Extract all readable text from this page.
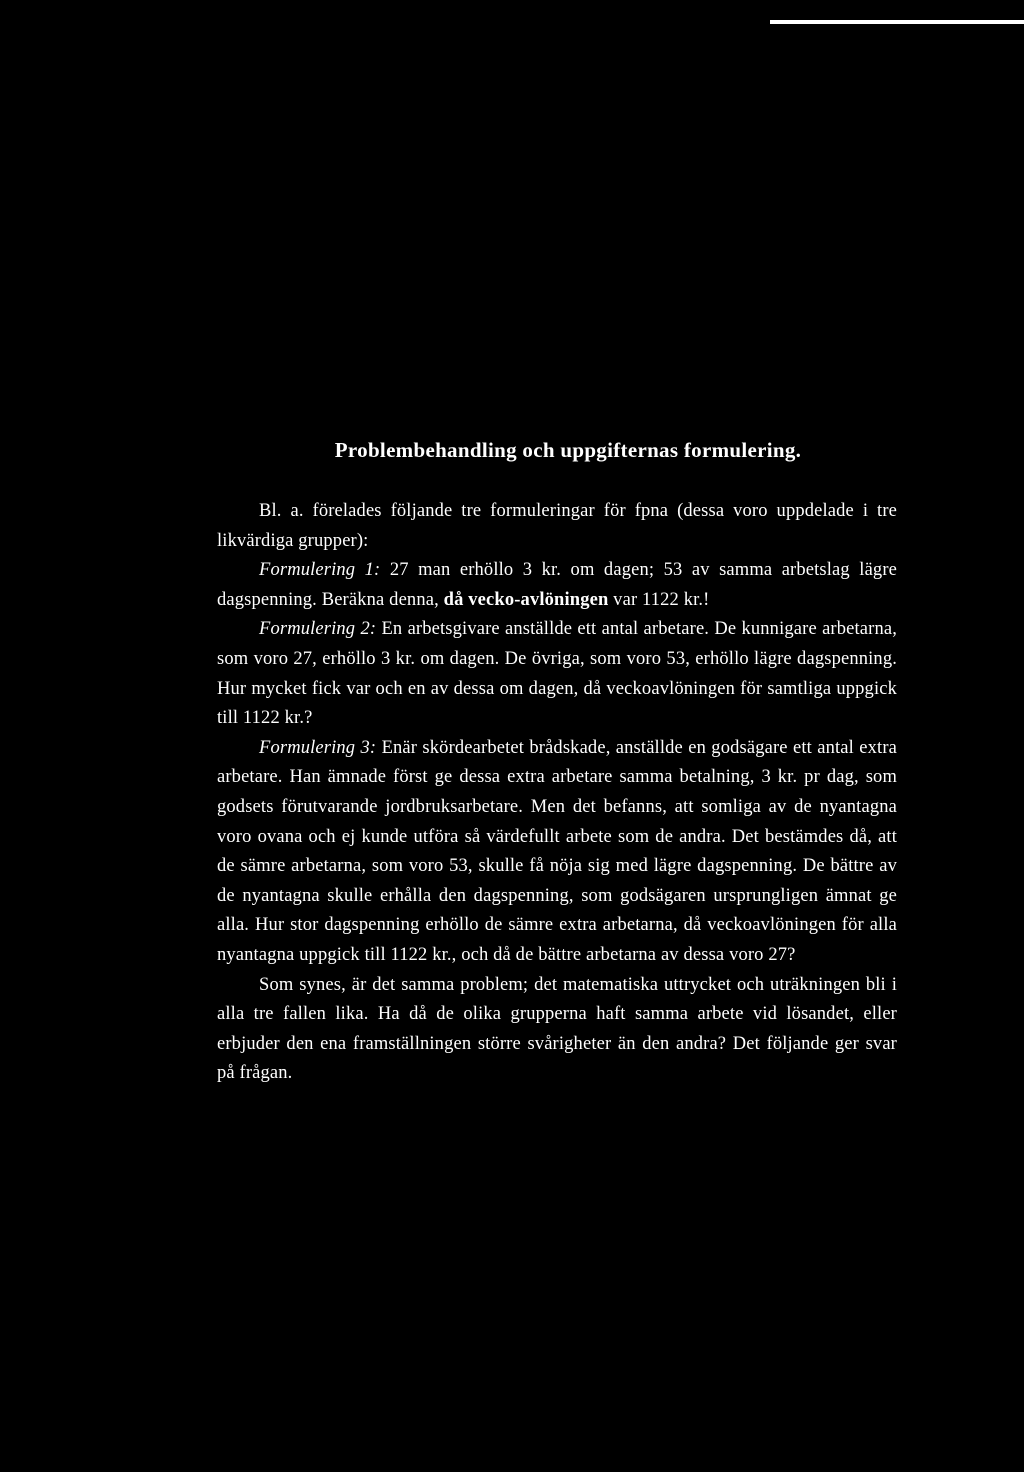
Problembehandling och uppgifternas formulering.

Bl. a. förelades följande tre formuleringar för fpna (dessa voro uppdelade i tre likvärdiga grupper):

Formulering 1: 27 man erhöllo 3 kr. om dagen; 53 av samma arbetslag lägre dagspenning. Beräkna denna, då vecko-avlöningen var 1122 kr.!

Formulering 2: En arbetsgivare anställde ett antal arbetare. De kunnigare arbetarna, som voro 27, erhöllo 3 kr. om dagen. De övriga, som voro 53, erhöllo lägre dagspenning. Hur mycket fick var och en av dessa om dagen, då veckoavlöningen för samtliga uppgick till 1122 kr.?

Formulering 3: Enär skördearbetet brådskade, anställde en godsägare ett antal extra arbetare. Han ämnade först ge dessa extra arbetare samma betalning, 3 kr. pr dag, som godsets förutvarande jordbruksarbetare. Men det befanns, att somliga av de nyantagna voro ovana och ej kunde utföra så värdefullt arbete som de andra. Det bestämdes då, att de sämre arbetarna, som voro 53, skulle få nöja sig med lägre dagspenning. De bättre av de nyantagna skulle erhålla den dagspenning, som godsägaren ursprungligen ämnat ge alla. Hur stor dagspenning erhöllo de sämre extra arbetarna, då veckoavlöningen för alla nyantagna uppgick till 1122 kr., och då de bättre arbetarna av dessa voro 27?

Som synes, är det samma problem; det matematiska uttrycket och uträkningen bli i alla tre fallen lika. Ha då de olika grupperna haft samma arbete vid lösandet, eller erbjuder den ena framställningen större svårigheter än den andra? Det följande ger svar på frågan.
